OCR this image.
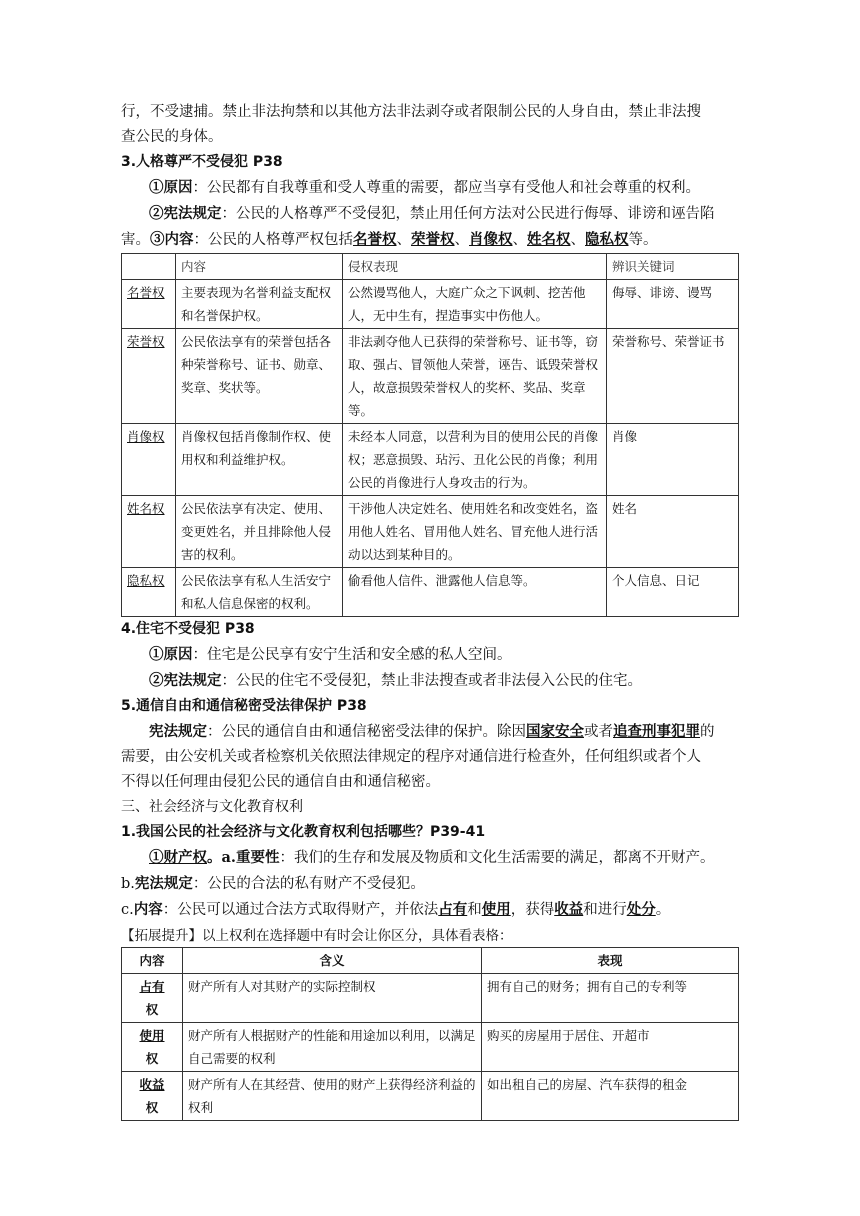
行，不受逮捕。禁止非法拘禁和以其他方法非法剥夺或者限制公民的人身自由，禁止非法搜

查公民的身体。

3.人格尊严不受侵犯 P38

①原因：公民都有自我尊重和受人尊重的需要，都应当享有受他人和社会尊重的权利。

②宪法规定：公民的人格尊严不受侵犯，禁止用任何方法对公民进行侮辱、诽谤和诬告陷

害。③内容：公民的人格尊严权包括名誉权、荣誉权、肖像权、姓名权、隐私权等。

	内容	侵权表现	辨识关键词
名誉权	主要表现为名誉利益支配权和名誉保护权。	公然谩骂他人，大庭广众之下讽刺、挖苦他人，无中生有，捏造事实中伤他人。	侮辱、诽谤、谩骂
荣誉权	公民依法享有的荣誉包括各种荣誉称号、证书、勋章、奖章、奖状等。	非法剥夺他人已获得的荣誉称号、证书等，窃取、强占、冒领他人荣誉，诬告、诋毁荣誉权人，故意损毁荣誉权人的奖杯、奖品、奖章等。	荣誉称号、荣誉证书
肖像权	肖像权包括肖像制作权、使用权和利益维护权。	未经本人同意，以营利为目的使用公民的肖像权；恶意损毁、玷污、丑化公民的肖像；利用公民的肖像进行人身攻击的行为。	肖像
姓名权	公民依法享有决定、使用、变更姓名，并且排除他人侵害的权利。	干涉他人决定姓名、使用姓名和改变姓名，盗用他人姓名、冒用他人姓名、冒充他人进行活动以达到某种目的。	姓名
隐私权	公民依法享有私人生活安宁和私人信息保密的权利。	偷看他人信件、泄露他人信息等。	个人信息、日记
4.住宅不受侵犯 P38

①原因：住宅是公民享有安宁生活和安全感的私人空间。

②宪法规定：公民的住宅不受侵犯，禁止非法搜查或者非法侵入公民的住宅。

5.通信自由和通信秘密受法律保护 P38

宪法规定：公民的通信自由和通信秘密受法律的保护。除因国家安全或者追查刑事犯罪的

需要，由公安机关或者检察机关依照法律规定的程序对通信进行检查外，任何组织或者个人

不得以任何理由侵犯公民的通信自由和通信秘密。

三、社会经济与文化教育权利
1.我国公民的社会经济与文化教育权利包括哪些？P39-41

①财产权。a.重要性：我们的生存和发展及物质和文化生活需要的满足，都离不开财产。

b.宪法规定：公民的合法的私有财产不受侵犯。

c.内容：公民可以通过合法方式取得财产，并依法占有和使用，获得收益和进行处分。

【拓展提升】以上权利在选择题中有时会让你区分，具体看表格：

内容	含义	表现
占有
权	财产所有人对其财产的实际控制权	拥有自己的财务；拥有自己的专利等
使用
权	财产所有人根据财产的性能和用途加以利用，以满足自己需要的权利	购买的房屋用于居住、开超市
收益
权	财产所有人在其经营、使用的财产上获得经济利益的权利	如出租自己的房屋、汽车获得的租金
